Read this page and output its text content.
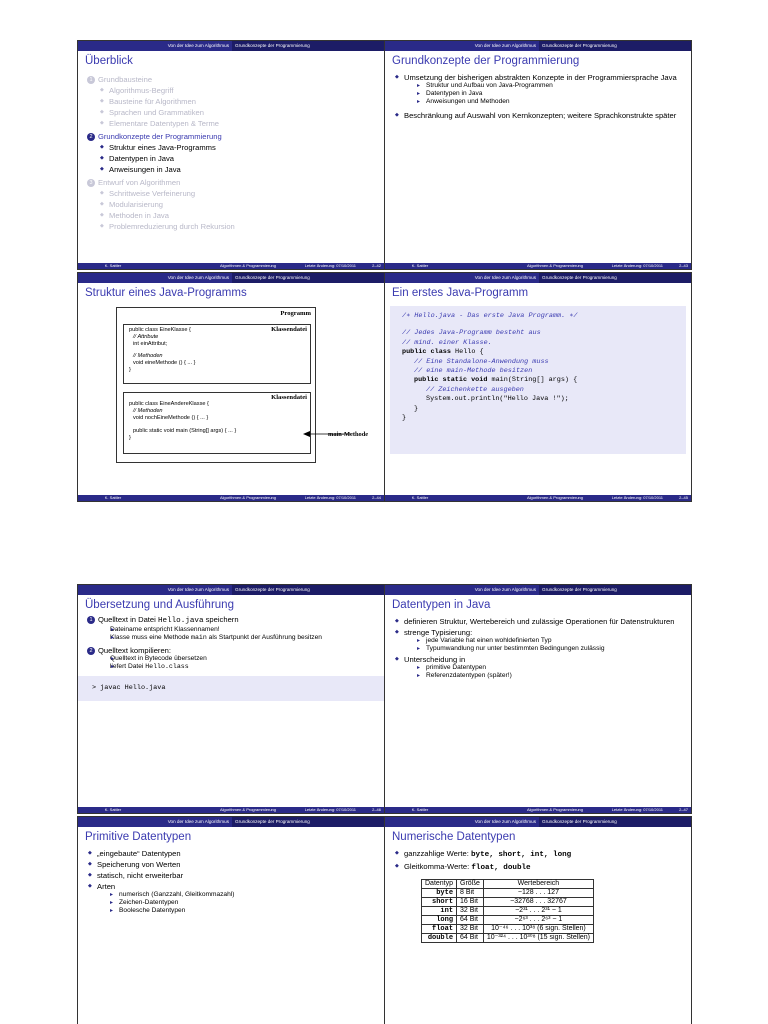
Von der Idee zum Algorithmus	Grundkonzepte der Programmierung
Überblick
1 Grundbausteine
◆ Algorithmus-Begriff
◆ Bausteine für Algorithmen
◆ Sprachen und Grammatiken
◆ Elementare Datentypen & Terme
2 Grundkonzepte der Programmierung
◆ Struktur eines Java-Programms
◆ Datentypen in Java
◆ Anweisungen in Java
3 Entwurf von Algorithmen
◆ Schrittweise Verfeinerung
◆ Modularisierung
◆ Methoden in Java
◆ Problemreduzierung durch Rekursion
K. Sattler	Algorithmen & Programmierung	Letzte Änderung: 07/10/2011	2–42
Von der Idee zum Algorithmus	Grundkonzepte der Programmierung
Grundkonzepte der Programmierung
◆ Umsetzung der bisherigen abstrakten Konzepte in der Programmiersprache Java
▸ Struktur und Aufbau von Java-Programmen
▸ Datentypen in Java
▸ Anweisungen und Methoden
◆ Beschränkung auf Auswahl von Kernkonzepten; weitere Sprachkonstrukte später
K. Sattler	Algorithmen & Programmierung	Letzte Änderung: 07/10/2011	2–43
Von der Idee zum Algorithmus	Grundkonzepte der Programmierung
Struktur eines Java-Programms
Programm
Klassendatei
public class EineKlasse {
// Attribute
int einAttribut;
// Methoden
void eineMethode () { ... }
}
Klassendatei
public class EineAndereKlasse {
// Methoden
void nochEineMethode () { ... }
public static void main (String[] args) { ... }
}	main-Methode
K. Sattler	Algorithmen & Programmierung	Letzte Änderung: 07/10/2011	2–44
Von der Idee zum Algorithmus	Grundkonzepte der Programmierung
Ein erstes Java-Programm
/∗ Hello.java - Das erste Java Programm. ∗/
// Jedes Java-Programm besteht aus
// mind. einer Klasse.
public class Hello {
// Eine Standalone-Anwendung muss
// eine main-Methode besitzen
public static void main(String[] args) {
// Zeichenkette ausgeben
System.out.println("Hello Java !");
}
}
K. Sattler	Algorithmen & Programmierung	Letzte Änderung: 07/10/2011	2–45
Von der Idee zum Algorithmus	Grundkonzepte der Programmierung
Übersetzung und Ausführung
1 Quelltext in Datei Hello.java speichern
▸ Dateiname entspricht Klassennamen!
▸ Klasse muss eine Methode main als Startpunkt der Ausführung besitzen
2 Quelltext kompilieren:
▸ Quelltext in Bytecode übersetzen
▸ liefert Datei Hello.class
> javac Hello.java
K. Sattler	Algorithmen & Programmierung	Letzte Änderung: 07/10/2011	2–46
Von der Idee zum Algorithmus	Grundkonzepte der Programmierung
Datentypen in Java
◆ definieren Struktur, Wertebereich und zulässige Operationen für Datenstrukturen
◆ strenge Typisierung:
▸ jede Variable hat einen wohldefinierten Typ
▸ Typumwandlung nur unter bestimmten Bedingungen zulässig
◆ Unterscheidung in
▸ primitive Datentypen
▸ Referenzdatentypen (später!)
K. Sattler	Algorithmen & Programmierung	Letzte Änderung: 07/10/2011	2–47
Von der Idee zum Algorithmus	Grundkonzepte der Programmierung
Primitive Datentypen
◆ „eingebaute“ Datentypen
◆ Speicherung von Werten
◆ statisch, nicht erweiterbar
◆ Arten
▸ numerisch (Ganzzahl, Gleitkommazahl)
▸ Zeichen-Datentypen
▸ Boolesche Datentypen
Von der Idee zum Algorithmus	Grundkonzepte der Programmierung
Numerische Datentypen
◆ ganzzahlige Werte: byte, short, int, long
◆ Gleitkomma-Werte: float, double
Datentyp	Größe	Wertebereich
byte	8 Bit	−128 . . . 127
short	16 Bit	−32768 . . . 32767
int	32 Bit	−2³¹ . . . 2³¹ − 1
long	64 Bit	−2⁶³ . . . 2⁶³ − 1
float	32 Bit	10⁻⁴⁶ . . . 10³⁸ (6 sign. Stellen)
double	64 Bit	10⁻³²⁴ . . . 10³⁰⁸ (15 sign. Stellen)
